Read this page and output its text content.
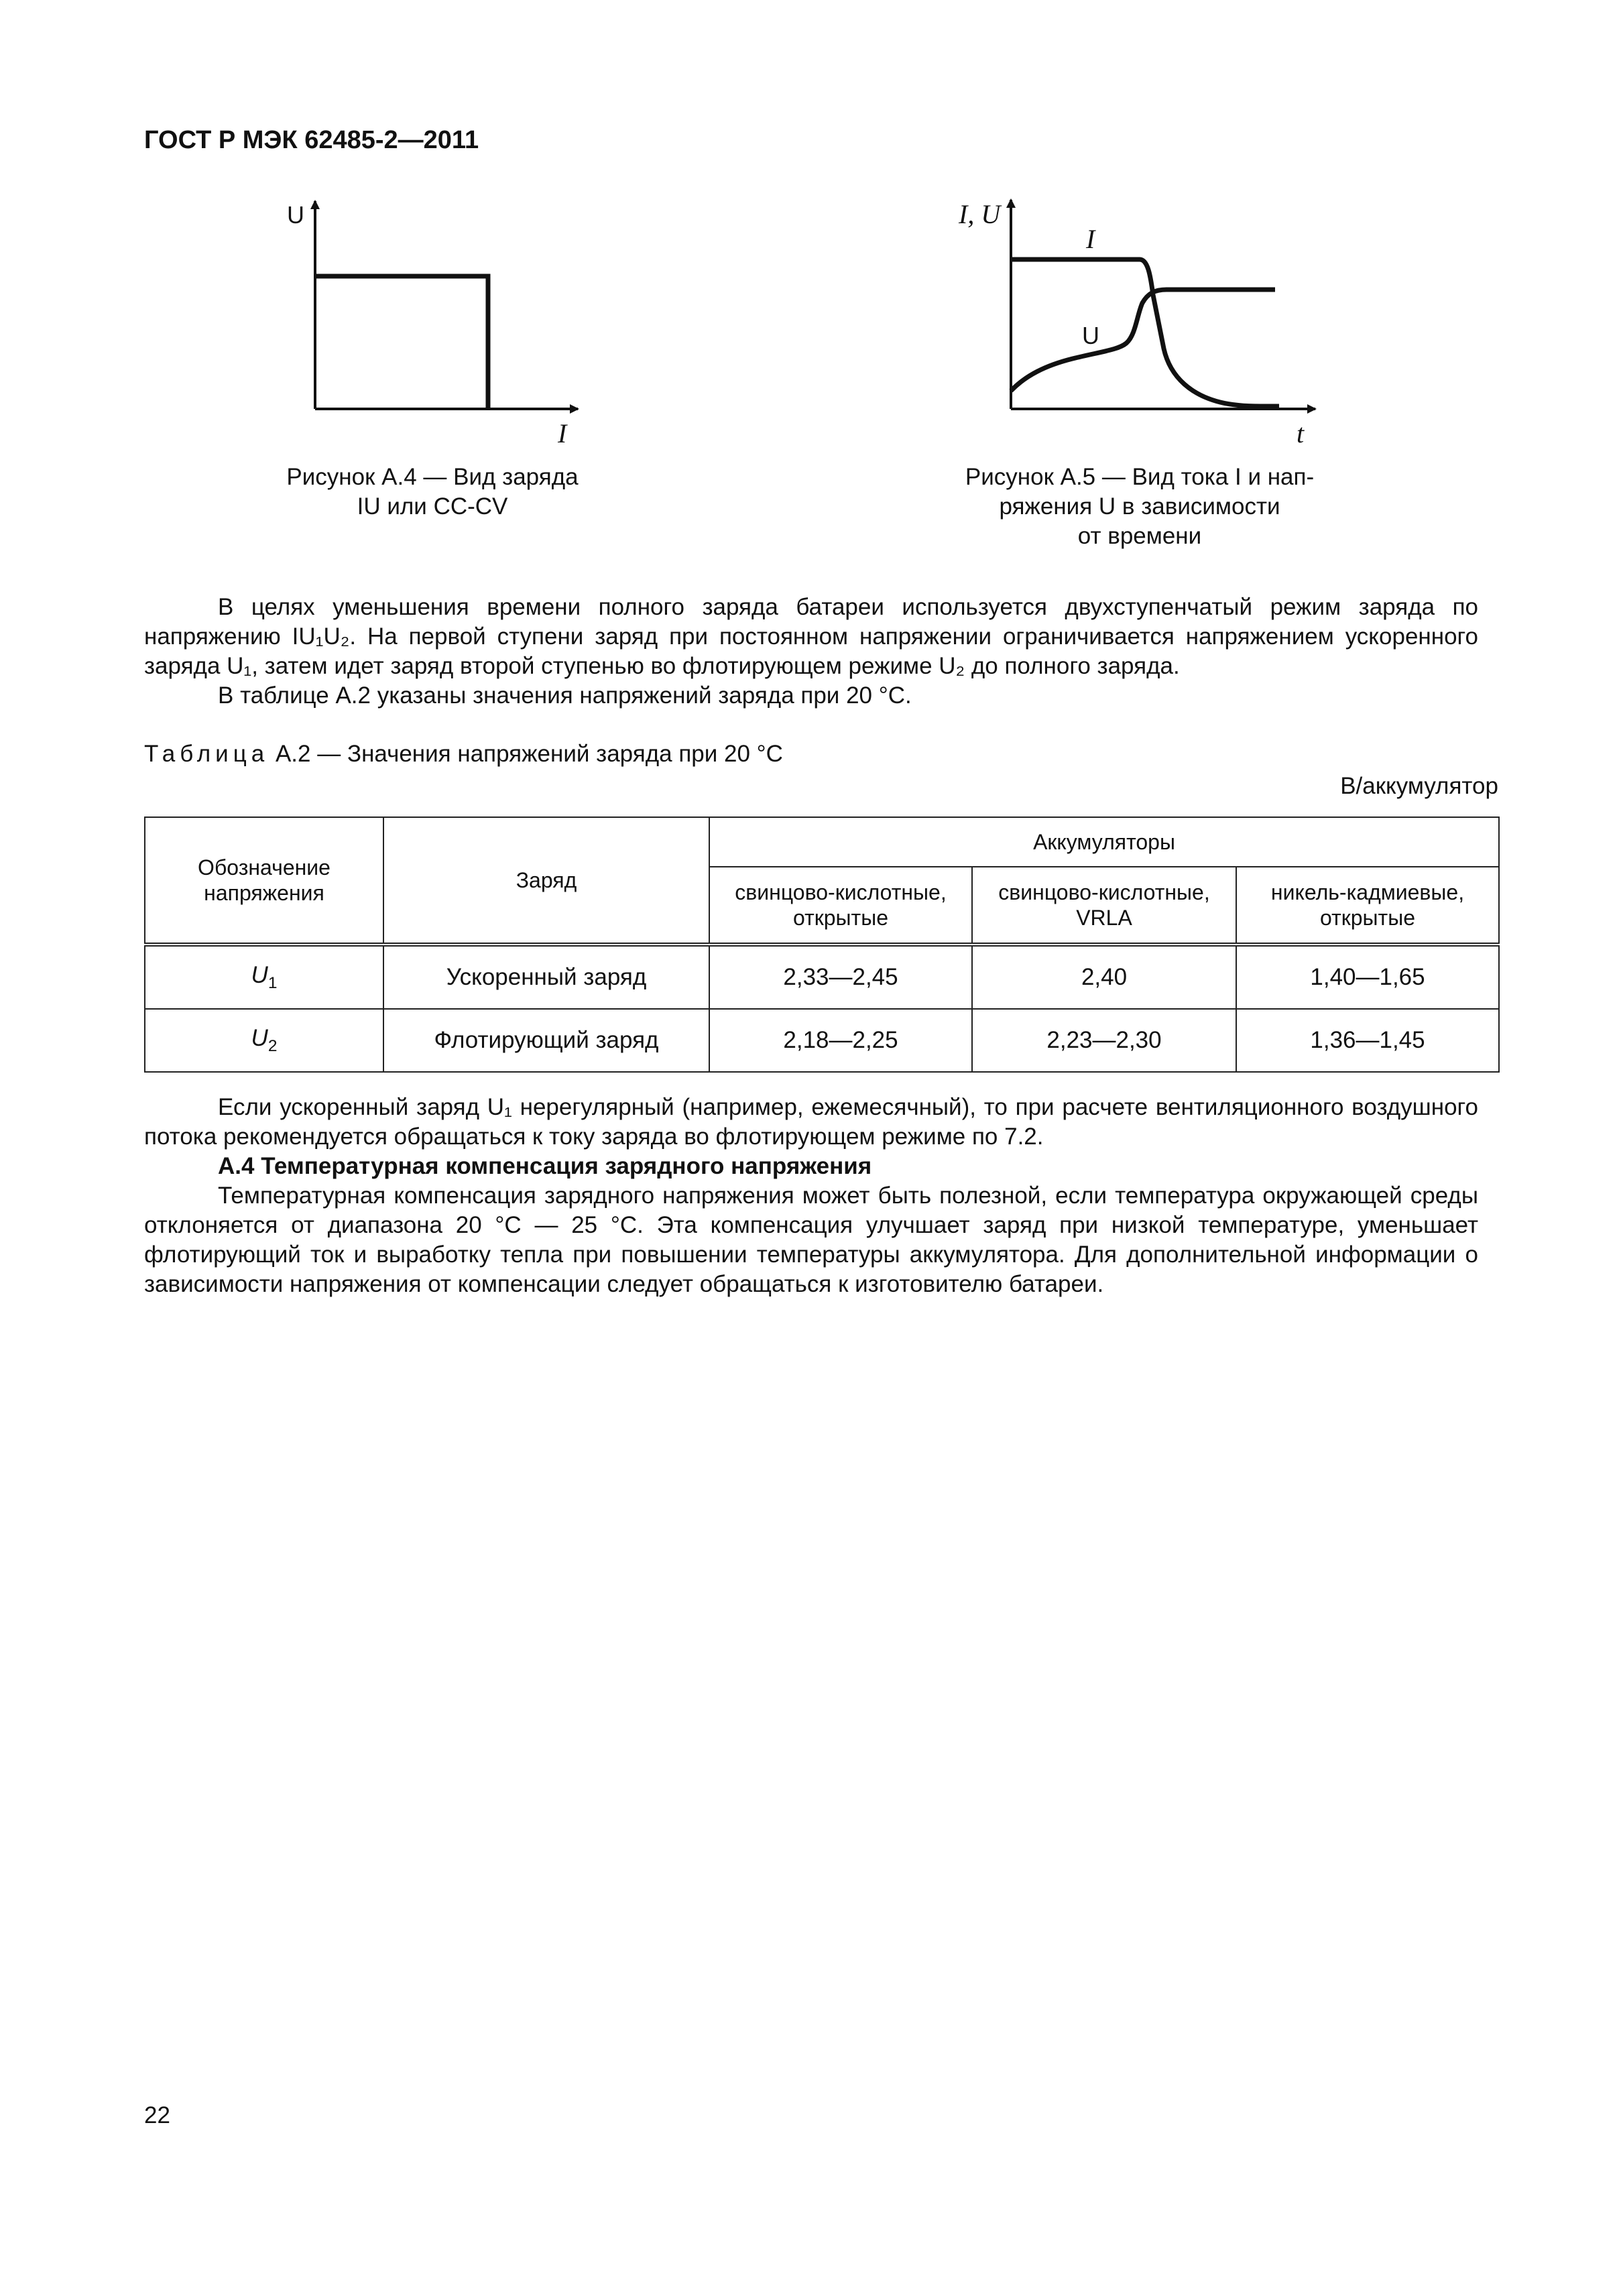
ГОСТ Р МЭК 62485-2—2011
U
I
I, U
I
U
t
Рисунок А.4 — Вид заряда
IU или CC-CV
Рисунок А.5 — Вид тока I и нап-
ряжения U в зависимости
от времени

В целях уменьшения времени полного заряда батареи используется двухступенчатый режим заряда по напряжению IU₁U₂. На первой ступени заряд при постоянном напряжении ограничивается напряжением ускоренного заряда U₁, затем идет заряд второй ступенью во флотирующем режиме U₂ до полного заряда.

В таблице А.2 указаны значения напряжений заряда при 20 °С.

Таблица А.2 — Значения напряжений заряда при 20 °С
В/аккумулятор
Обозначение напряжения	Заряд	Аккумуляторы		
		свинцово-кислотные, открытые	свинцово-кислотные, VRLA	никель-кадмиевые, открытые
$U_1$	Ускоренный заряд	2,33—2,45	2,40	1,40—1,65
$U_2$	Флотирующий заряд	2,18—2,25	2,23—2,30	1,36—1,45

Если ускоренный заряд U₁ нерегулярный (например, ежемесячный), то при расчете вентиляционного воздушного потока рекомендуется обращаться к току заряда во флотирующем режиме по 7.2.

А.4 Температурная компенсация зарядного напряжения

Температурная компенсация зарядного напряжения может быть полезной, если температура окружающей среды отклоняется от диапазона 20 °С — 25 °С. Эта компенсация улучшает заряд при низкой температуре, уменьшает флотирующий ток и выработку тепла при повышении температуры аккумулятора. Для дополнительной информации о зависимости напряжения от компенсации следует обращаться к изготовителю батареи.

22
